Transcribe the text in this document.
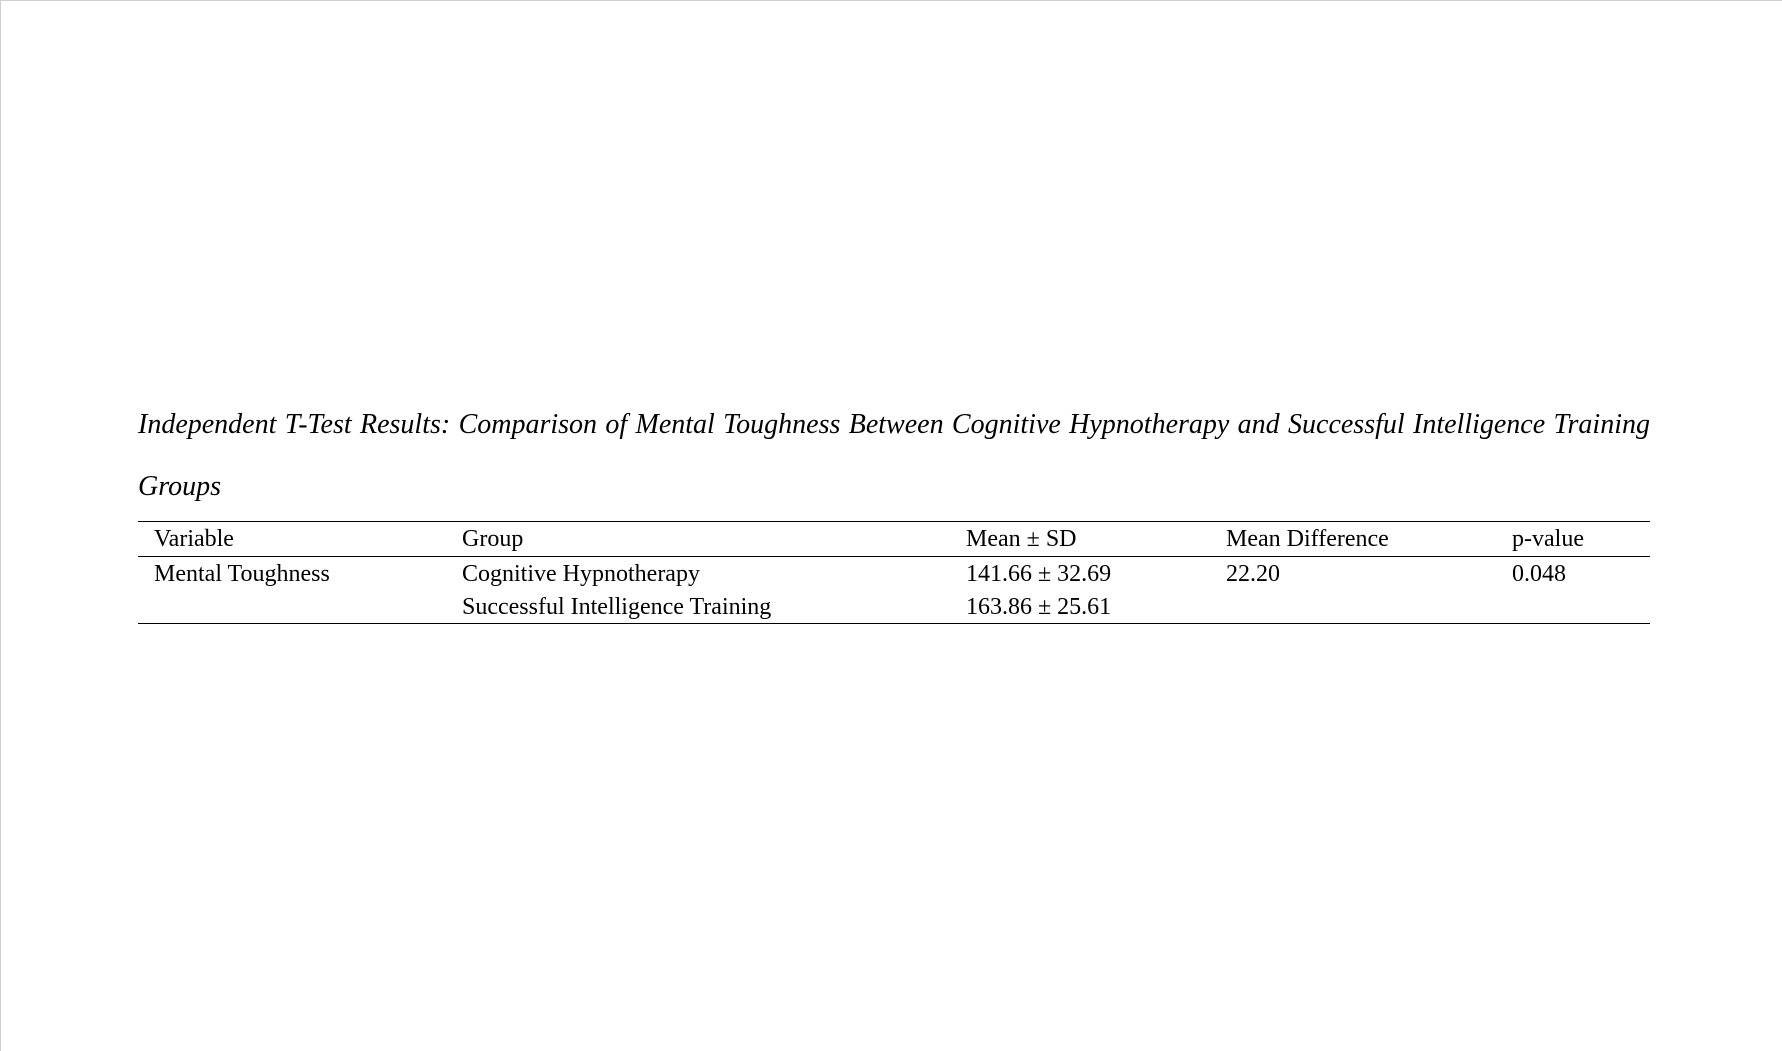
Independent T-Test Results: Comparison of Mental Toughness Between Cognitive Hypnotherapy and Successful Intelligence Training Groups

Variable	Group	Mean ± SD	Mean Difference	p-value
Mental Toughness	Cognitive Hypnotherapy	141.66 ± 32.69	22.20	0.048
	Successful Intelligence Training	163.86 ± 25.61		
